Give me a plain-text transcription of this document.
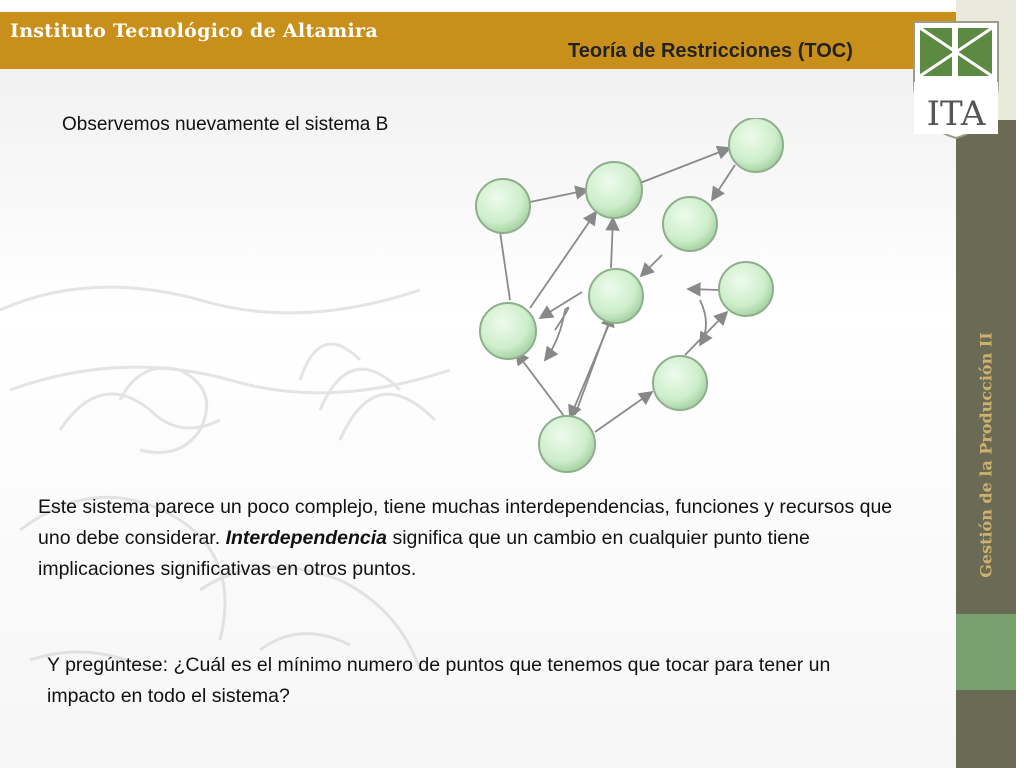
Instituto Tecnológico de Altamira
Teoría de Restricciones (TOC)
Gestión de la Producción II
ITA
Observemos nuevamente el sistema B
Este sistema parece un poco complejo, tiene muchas interdependencias, funciones y recursos que uno debe considerar. Interdependencia significa que un cambio en cualquier punto tiene implicaciones significativas en otros puntos.
Y pregúntese: ¿Cuál es el mínimo numero de puntos que tenemos que tocar para tener un impacto en todo el sistema?
